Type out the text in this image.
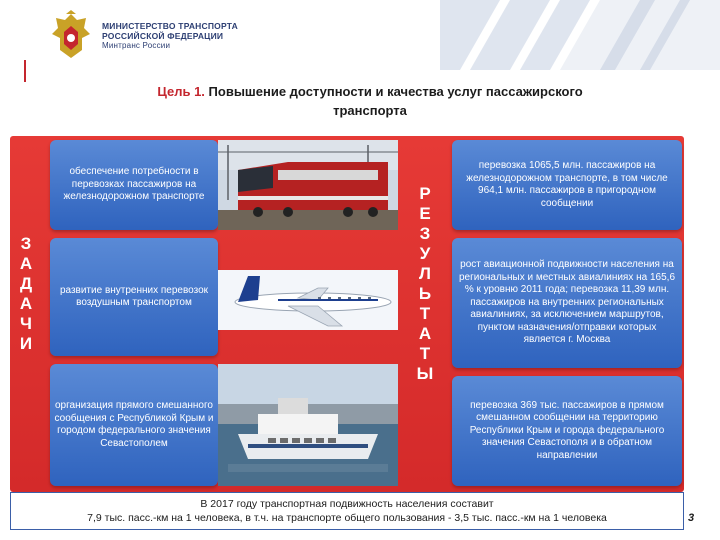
МИНИСТЕРСТВО ТРАНСПОРТА
РОССИЙСКОЙ ФЕДЕРАЦИИ
Минтранс России
Цель 1. Повышение доступности и качества услуг пассажирского
транспорта
З
А
Д
А
Ч
И
обеспечение потребности в перевозках пассажиров на железнодорожном транспорте
развитие внутренних перевозок воздушным транспортом
организация прямого смешанного сообщения с Республикой Крым и городом федерального значения Севастополем
Р
Е
З
У
Л
Ь
Т
А
Т
Ы
перевозка 1065,5 млн. пассажиров на железнодорожном транспорте, в том числе 964,1 млн. пассажиров в пригородном сообщении
рост авиационной подвижности населения на региональных и местных авиалиниях на 165,6 % к уровню 2011 года; перевозка 11,39 млн. пассажиров на внутренних региональных авиалиниях, за исключением маршрутов, пунктом назначения/отправки которых является г. Москва
перевозка 369 тыс. пассажиров в прямом смешанном сообщении на территорию Республики Крым и города федерального значения Севастополя и в обратном направлении
В 2017 году транспортная подвижность населения составит
7,9 тыс. пасс.-км на 1 человека, в т.ч. на транспорте общего пользования - 3,5 тыс. пасс.-км на 1 человека	3
